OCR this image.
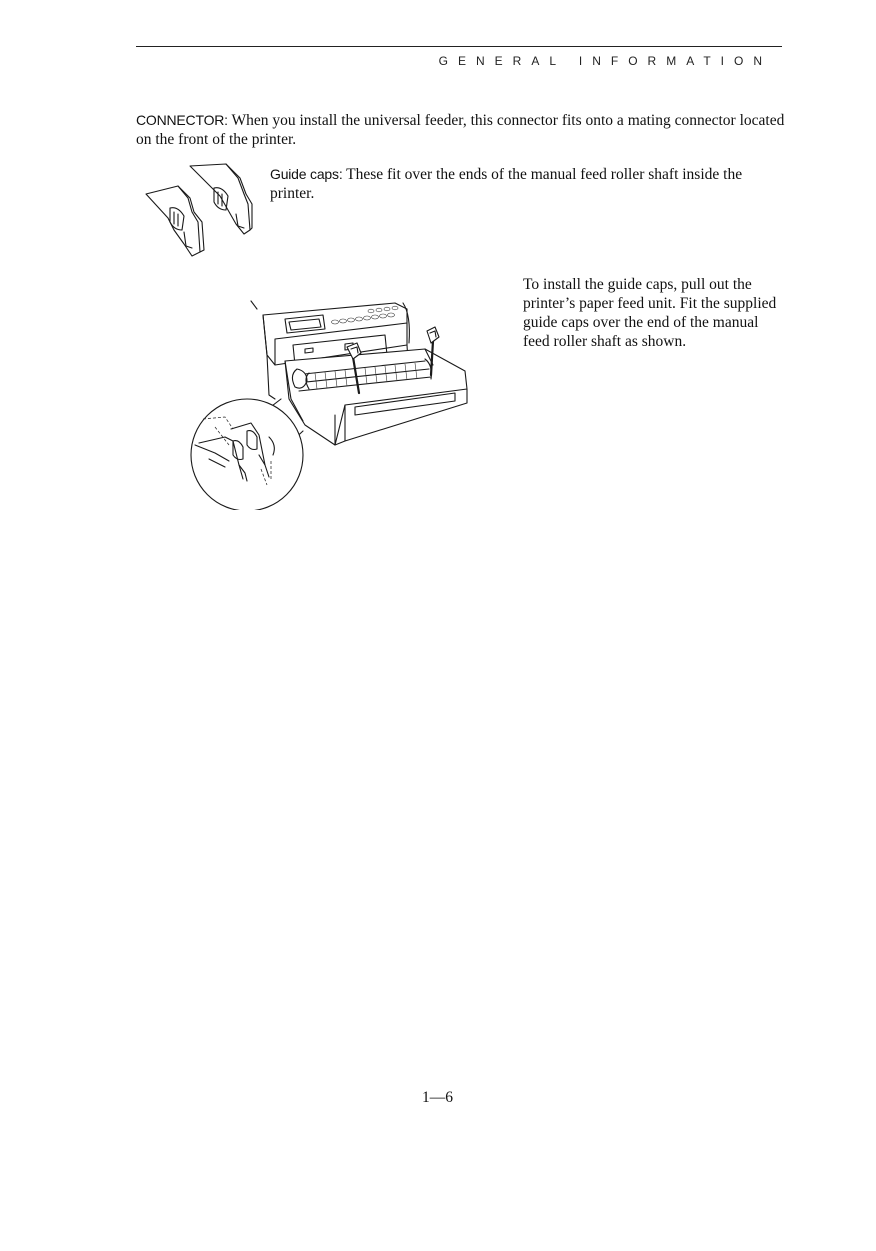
GENERAL INFORMATION
CONNECTOR: When you install the universal feeder, this connector fits onto a mating connector located on the front of the printer.
Guide caps: These fit over the ends of the manual feed roller shaft inside the printer.
To install the guide caps, pull out the printer’s paper feed unit. Fit the supplied guide caps over the end of the manual feed roller shaft as shown.
1—6
